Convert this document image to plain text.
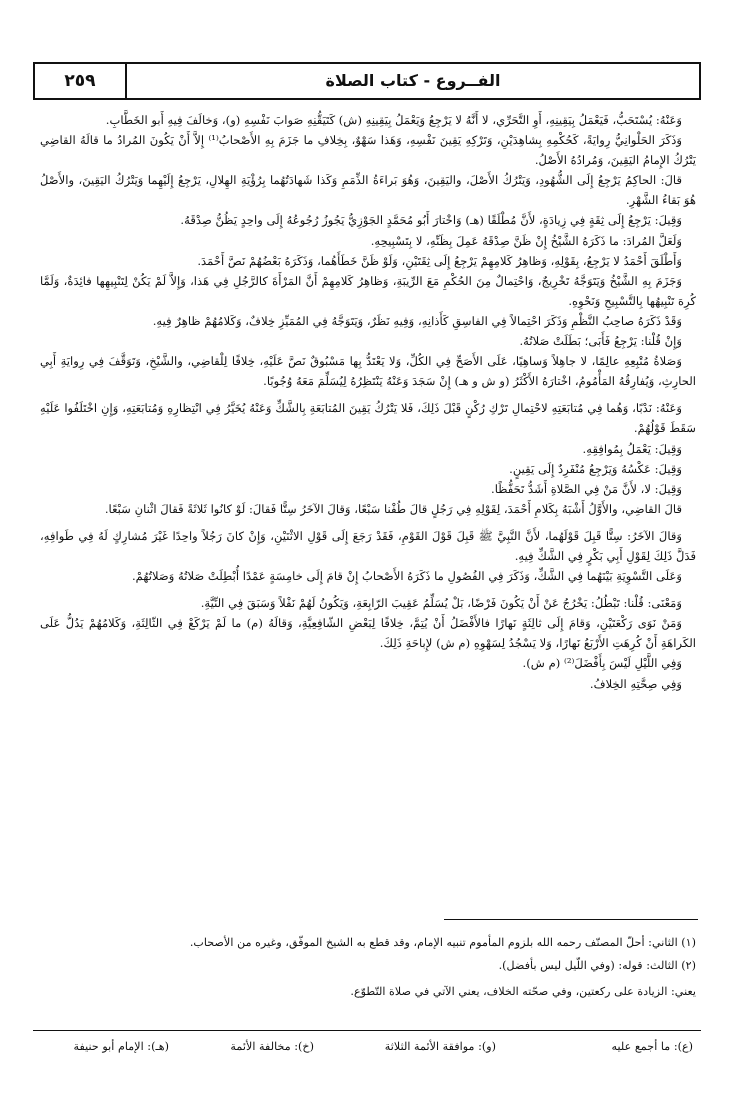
الفــروع - كتاب الصلاة
٢٥٩

وَعَنْهُ: يُسْتَحَبُّ، فَيَعْمَلُ بِيَقِينِهِ، أَوِ التَّحَرِّي، لا أَنَّهُ لا يَرْجِعُ وَيَعْمَلُ بِيَقِينِهِ (ش) كَتَيَقُّنِهِ صَوابَ نَفْسِهِ (و)، وَخالَفَ فِيهِ أَبو الخَطَّابِ.

وَذَكَرَ الحَلْوانِيُّ رِوايَةً، كَحُكْمِهِ بِشاهِدَيْنِ، وَتَرْكِهِ يَقِينَ نَفْسِهِ، وَهَذا سَهْوٌ، بِخِلافِ ما جَزَمَ بِهِ الأَصْحابُ⁽¹⁾ إِلاَّ أَنْ يَكُونَ المُرادُ ما قالَهُ القاضِي يَتْرُكُ الإِمامُ اليَقِينَ، وَمُرادُهُ الأَصْلُ.

قالَ: الحاكِمُ يَرْجِعُ إِلَى الشُّهُودِ، وَيَتْرُكُ الأَصْلَ، واليَقِينَ، وَهُوَ بَراءَةُ الذِّمَمِ وَكَذا شَهادَتُهُما بِرُؤْيَةِ الهِلالِ، يَرْجِعُ إِلَيْهِما وَيَتْرُكُ اليَقِينَ، والأَصْلُ هُوَ بَقاءُ الشَّهْرِ.

وَقِيلَ: يَرْجِعُ إِلَى ثِقَةٍ فِي زِيادَةٍ، لأَنَّ مُطْلَقًا (هـ) وَاخْتارَ أَبُو مُحَمَّدٍ الجَوْزِيُّ يَجُوزُ رُجُوعُهُ إِلَى واحِدٍ يَظُنُّ صِدْقَهُ.

وَلَعَلَّ المُرادَ: ما ذَكَرَهُ الشَّيْخُ إِنْ ظَنَّ صِدْقَهُ عَمِلَ بِظَنِّهِ، لا بِتَسْبِيحِهِ.

وَأَطْلَقَ أَحْمَدُ لا يَرْجِعُ، بِقَوْلِهِ، وَظاهِرُ كَلامِهِمْ يَرْجِعُ إِلَى ثِقَتَيْنِ، وَلَوْ ظَنَّ خَطَأَهُما، وَذَكَرَهُ بَعْضُهُمْ نَصَّ أَحْمَدَ.

وَجَزَمَ بِهِ الشَّيْخُ وَيَتَوَجَّهُ تَخْرِيجٌ، وَاحْتِمالٌ مِنَ الحُكْمِ مَعَ الرِّيبَةِ، وَظاهِرُ كَلامِهِمْ أَنَّ المَرْأَةَ كالرَّجُلِ فِي هَذا، وَإِلاَّ لَمْ يَكُنْ لِتَنْبِيهِها فائِدَةٌ، وَلَمَّا كُرِهَ تَنْبِيهُها بِالتَّسْبِيحِ وَنَحْوِهِ.

وَقَدْ ذَكَرَهُ صاحِبُ النَّظْمِ وَذَكَرَ احْتِمالاً فِي الفاسِقِ كَأَذانِهِ، وَفِيهِ نَظَرٌ، وَيَتَوَجَّهُ فِي المُمَيِّزِ خِلافٌ، وَكَلامُهُمْ ظاهِرٌ فِيهِ.

وَإِنْ قُلْنا: يَرْجِعُ فَأَبَى؛ بَطَلَتْ صَلاتُهُ.

وَصَلاةُ مُتْبِعِهِ عالِمًا، لا جاهِلاً وَساهِيًا، عَلَى الأَصَحِّ فِي الكُلِّ، وَلا يَعْتَدُّ بِها مَسْبُوقٌ نَصَّ عَلَيْهِ، خِلافًا لِلْقاضِي، والشَّيْخِ، وَتَوَقَّفَ فِي رِوايَةِ أَبِي الحارِثِ، وَيُفارِقُهُ المَأْمُومُ، اخْتارَهُ الأَكْثَرُ (و ش و هـ) إِنْ سَجَدَ وَعَنْهُ يَنْتَظِرُهُ لِيُسَلِّمَ مَعَهُ وُجُوبًا.

وَعَنْهُ: نَدْبًا، وَهُما فِي مُتابَعَتِهِ لاحْتِمالِ تَرْكِ رُكْنٍ قَبْلَ ذَلِكَ، فَلا يَتْرُكُ يَقِينَ المُتابَعَةِ بِالشَّكِّ وَعَنْهُ يُخَيَّرُ فِي انْتِظارِهِ وَمُتابَعَتِهِ، وَإِنِ اخْتَلَفُوا عَلَيْهِ سَقَطَ قَوْلُهُمْ.

وَقِيلَ: يَعْمَلُ بِمُوافِقِهِ.

وَقِيلَ: عَكْسُهُ وَيَرْجِعُ مُنْفَرِدٌ إِلَى يَقِينٍ.

وَقِيلَ: لا، لأَنَّ مَنْ فِي الصَّلاةِ أَشَدُّ تَحَفُّظًا.

قالَ القاضِي، والأَوَّلُ أَشْبَهُ بِكَلامِ أَحْمَدَ، لِقَوْلِهِ فِي رَجُلٍ قالَ طُفْنا سَبْعًا، وَقالَ الآخَرُ سِتًّا فَقالَ: لَوْ كانُوا ثَلاثَةً فَقالَ اثْنانِ سَبْعًا.

وَقالَ الآخَرُ: سِتًّا قَبِلَ قَوْلَهُما، لأَنَّ النَّبِيَّ ﷺ قَبِلَ قَوْلَ القَوْمِ، فَقَدْ رَجَعَ إِلَى قَوْلِ الاثْنَيْنِ، وَإِنْ كانَ رَجُلاً واحِدًا غَيْرَ مُشارِكٍ لَهُ فِي طَوافِهِ، فَدَلَّ ذَلِكَ لِقَوْلِ أَبِي بَكْرٍ فِي الشَّكِّ فِيهِ.

وَعَلَى التَّسْوِيَةِ بَيْنَهُما فِي الشَّكِّ، وَذَكَرَ فِي الفُصُولِ ما ذَكَرَهُ الأَصْحابُ إِنْ قامَ إِلَى خامِسَةٍ عَمْدًا أُبْطِلَتْ صَلاتُهُ وَصَلاتُهُمْ.

وَمَعْنَى: قُلْنا: تَبْطُلُ: يَخْرُجُ عَنْ أَنْ يَكُونَ فَرْضًا، بَلْ يُسَلِّمُ عَقِيبَ الرّابِعَةِ، وَيَكُونُ لَهُمْ نَفْلاً وَسَبَقَ فِي النِّيَّةِ.

وَمَنْ نَوَى رَكْعَتَيْنِ، وَقامَ إِلَى ثالِثَةٍ نَهارًا فالأَفْضَلُ أَنْ يُتِمَّ، خِلافًا لِبَعْضِ الشّافِعِيَّةِ، وَقالَهُ (م) ما لَمْ يَرْكَعْ فِي الثّالِثَةِ، وَكَلامُهُمْ يَدُلُّ عَلَى الكَراهَةِ أَنْ كُرِهَتِ الأَرْبَعُ نَهارًا، وَلا يَسْجُدُ لِسَهْوِهِ (م ش) لإِباحَةِ ذَلِكَ.

وَفِي اللَّيْلِ لَيْسَ بِأَفْضَلَ⁽²⁾ (م ش).

وَفِي صِحَّتِهِ الخِلافُ.

(١) الثاني: أحلّ المصنّف رحمه الله بلزوم المأموم تنبيه الإمام، وقد قطع به الشيخ الموفّق، وغيره من الأصحاب.
(٢) الثالث: قوله: (وفي اللّيل ليس بأفضل).
يعني: الزيادة على ركعتين، وفي صحّته الخلاف، يعني الآتي في صلاة التّطوّع.
(ع): ما أجمع عليه
(و): موافقة الأئمة الثلاثة
(خ): مخالفة الأئمة
(هـ): الإمام أبو حنيفة
